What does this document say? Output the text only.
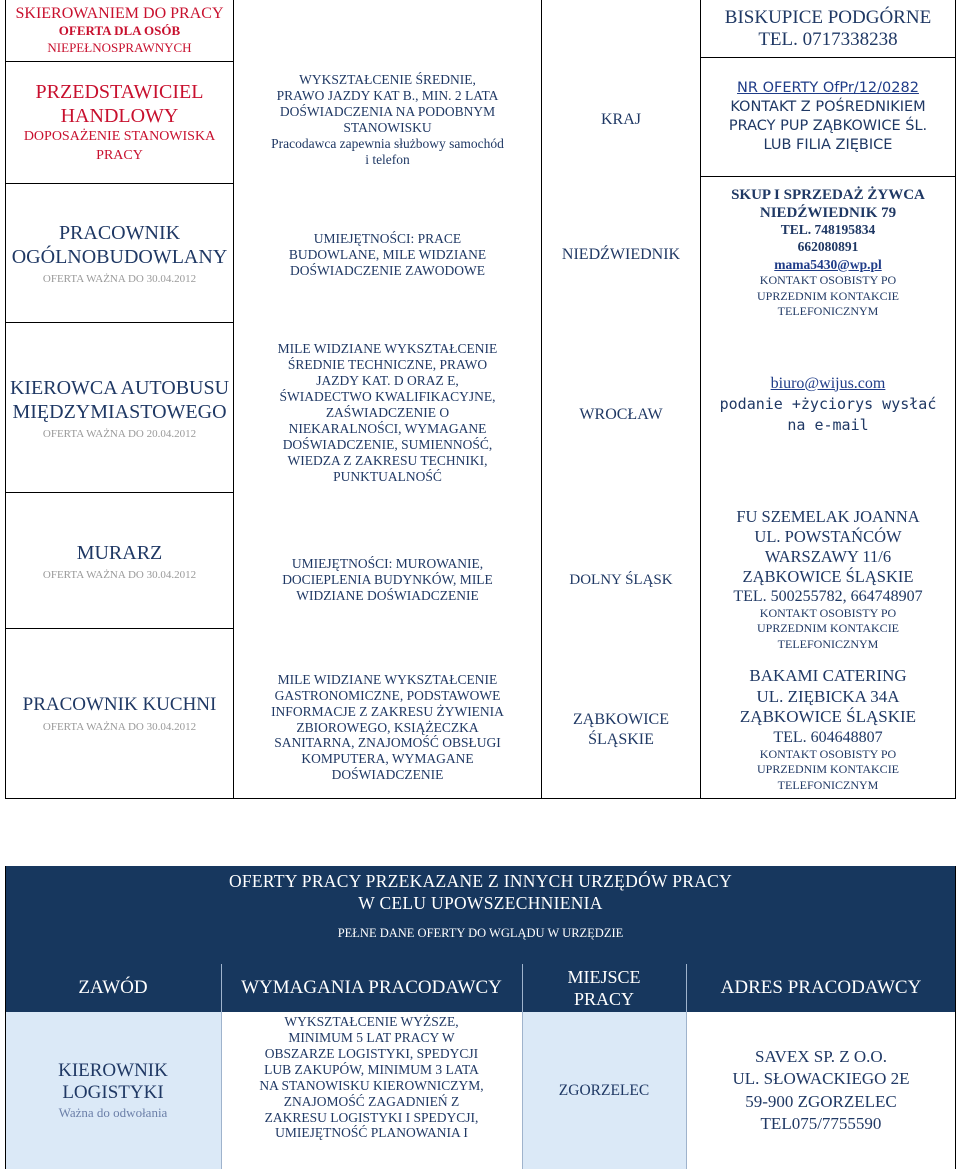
SKIEROWANIEM DO PRACY
OFERTA DLA OSÓB
NIEPEŁNOSPRAWNYCH
BISKUPICE PODGÓRNE
TEL. 0717338238
PRZEDSTAWICIEL HANDLOWY
DOPOSAŻENIE STANOWISKA PRACY
WYKSZTAŁCENIE ŚREDNIE,
PRAWO JAZDY KAT B., MIN. 2 LATA
DOŚWIADCZENIA NA PODOBNYM
STANOWISKU
Pracodawca zapewnia służbowy samochód
i telefon
KRAJ
NR OFERTY OfPr/12/0282
KONTAKT Z POŚREDNIKIEM
PRACY PUP ZĄBKOWICE ŚL.
LUB FILIA ZIĘBICE
PRACOWNIK OGÓLNOBUDOWLANY
OFERTA WAŻNA DO 30.04.2012
UMIEJĘTNOŚCI: PRACE
BUDOWLANE, MILE WIDZIANE
DOŚWIADCZENIE ZAWODOWE
NIEDŹWIEDNIK
SKUP I SPRZEDAŻ ŻYWCA
NIEDŹWIEDNIK 79
TEL. 748195834
662080891
mama5430@wp.pl
KONTAKT OSOBISTY PO
UPRZEDNIM KONTAKCIE
TELEFONICZNYM
KIEROWCA AUTOBUSU MIĘDZYMIASTOWEGO
OFERTA WAŻNA DO 20.04.2012
MILE WIDZIANE WYKSZTAŁCENIE
ŚREDNIE TECHNICZNE, PRAWO
JAZDY KAT. D ORAZ E,
ŚWIADECTWO KWALIFIKACYJNE,
ZAŚWIADCZENIE O
NIEKARALNOŚCI, WYMAGANE
DOŚWIADCZENIE, SUMIENNOŚĆ,
WIEDZA Z ZAKRESU TECHNIKI,
PUNKTUALNOŚĆ
WROCŁAW
biuro@wijus.com
podanie +życiorys wysłać na e-mail
MURARZ
OFERTA WAŻNA DO 30.04.2012
UMIEJĘTNOŚCI: MUROWANIE,
DOCIEPLENIA BUDYNKÓW, MILE
WIDZIANE DOŚWIADCZENIE
DOLNY ŚLĄSK
FU SZEMELAK JOANNA
UL. POWSTAŃCÓW
WARSZAWY 11/6
ZĄBKOWICE ŚLĄSKIE
TEL. 500255782, 664748907
KONTAKT OSOBISTY PO
UPRZEDNIM KONTAKCIE
TELEFONICZNYM
PRACOWNIK KUCHNI
OFERTA WAŻNA DO 30.04.2012
MILE WIDZIANE WYKSZTAŁCENIE
GASTRONOMICZNE, PODSTAWOWE
INFORMACJE Z ZAKRESU ŻYWIENIA
ZBIOROWEGO, KSIĄŻECZKA
SANITARNA, ZNAJOMOŚĆ OBSŁUGI
KOMPUTERA, WYMAGANE
DOŚWIADCZENIE
ZĄBKOWICE ŚLĄSKIE
BAKAMI CATERING
UL. ZIĘBICKA 34A
ZĄBKOWICE ŚLĄSKIE
TEL. 604648807
KONTAKT OSOBISTY PO
UPRZEDNIM KONTAKCIE
TELEFONICZNYM
OFERTY PRACY PRZEKAZANE Z INNYCH URZĘDÓW PRACY
W CELU UPOWSZECHNIENIA
PEŁNE DANE OFERTY DO WGLĄDU W URZĘDZIE
ZAWÓD	WYMAGANIA PRACODAWCY
MIEJSCE PRACY
ADRES PRACODAWCY
KIEROWNIK
LOGISTYKI
Ważna do odwołania
WYKSZTAŁCENIE WYŻSZE,
MINIMUM 5 LAT PRACY W
OBSZARZE LOGISTYKI, SPEDYCJI
LUB ZAKUPÓW, MINIMUM 3 LATA
NA STANOWISKU KIEROWNICZYM,
ZNAJOMOŚĆ ZAGADNIEŃ Z
ZAKRESU LOGISTYKI I SPEDYCJI,
UMIEJĘTNOŚĆ PLANOWANIA I
ZGORZELEC
SAVEX SP. Z O.O.
UL. SŁOWACKIEGO 2E
59-900 ZGORZELEC
TEL075/7755590
